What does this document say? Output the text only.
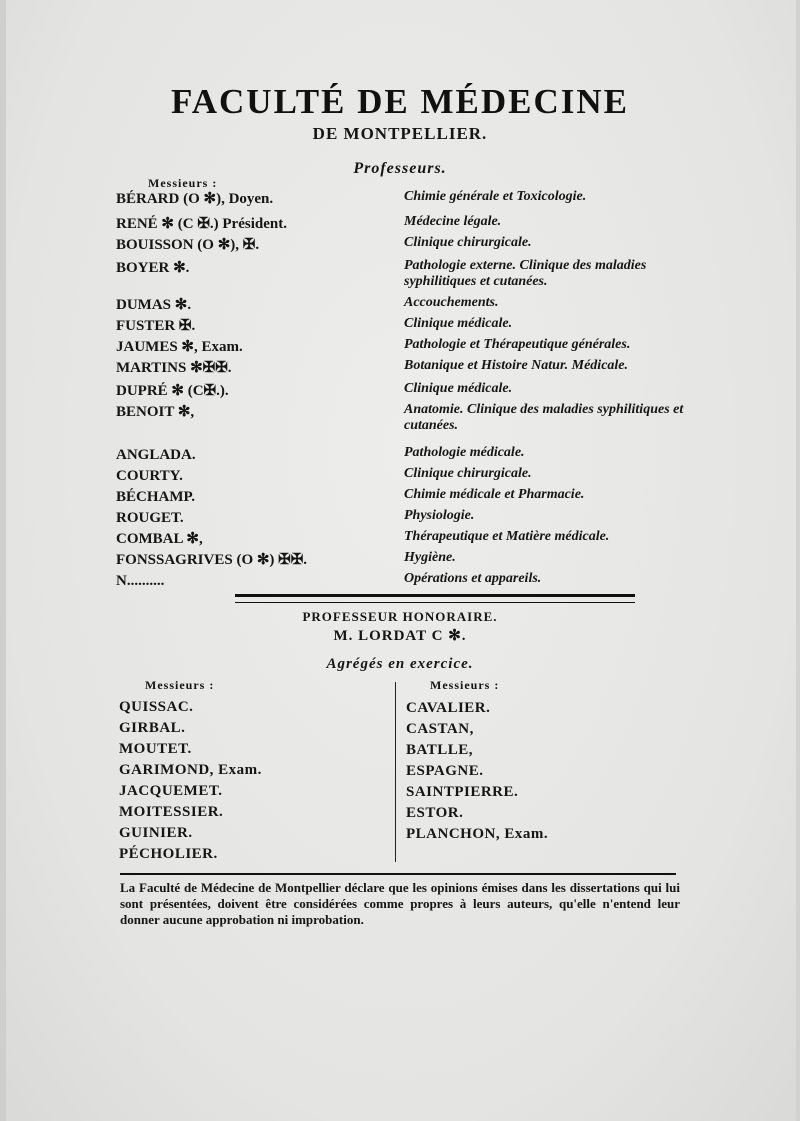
FACULTÉ DE MÉDECINE
DE MONTPELLIER.
Professeurs.
Messieurs :
BÉRARD (O ✻), Doyen.	Chimie générale et Toxicologie.
RENÉ ✻ (C ✠.) Président.	Médecine légale.
BOUISSON (O ✻), ✠.	Clinique chirurgicale.
BOYER ✻.	Pathologie externe. Clinique des maladies syphilitiques et cutanées.
DUMAS ✻.	Accouchements.
FUSTER ✠.	Clinique médicale.
JAUMES ✻, Exam.	Pathologie et Thérapeutique générales.
MARTINS ✻✠✠.	Botanique et Histoire Natur. Médicale.
DUPRÉ ✻ (C✠.).	Clinique médicale.
BENOIT ✻,	Anatomie. Clinique des maladies syphilitiques et cutanées.
ANGLADA.	Pathologie médicale.
COURTY.	Clinique chirurgicale.
BÉCHAMP.	Chimie médicale et Pharmacie.
ROUGET.	Physiologie.
COMBAL ✻,	Thérapeutique et Matière médicale.
FONSSAGRIVES (O ✻) ✠✠.	Hygiène.
N..........	Opérations et appareils.
PROFESSEUR HONORAIRE.
M. LORDAT C ✻.
Agrégés en exercice.
Messieurs :	Messieurs :
QUISSAC.
GIRBAL.
MOUTET.
GARIMOND, Exam.
JACQUEMET.
MOITESSIER.
GUINIER.
PÉCHOLIER.
CAVALIER.
CASTAN,
BATLLE,
ESPAGNE.
SAINTPIERRE.
ESTOR.
PLANCHON, Exam.
La Faculté de Médecine de Montpellier déclare que les opinions émises dans les dissertations qui lui sont présentées, doivent être considérées comme propres à leurs auteurs, qu'elle n'entend leur donner aucune approbation ni improbation.
